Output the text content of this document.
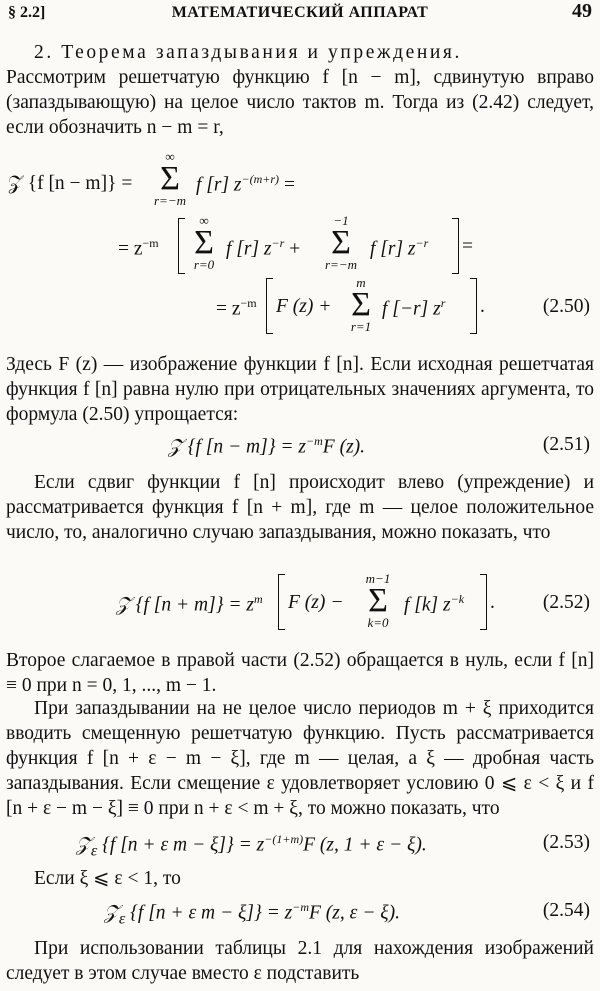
§ 2.2]	МАТЕМАТИЧЕСКИЙ АППАРАТ	49
2. Теорема запаздывания и упреждения.
Рассмотрим решетчатую функцию f [n − m], сдвинутую вправо (запаздывающую) на целое число тактов m. Тогда из (2.42) следует, если обозначить n − m = r,
𝒵 {f [n − m]} =
∞
Σ
r=−m
f [r] $z^{-(m+r)}$ =
= $z^{-m}$
∞
Σ
r=0
f [r] $z^{-r}$ +
−1
Σ
r=−m
f [r] $z^{-r}$ =
= $z^{-m}$ F (z) +
m
Σ
r=1
f [−r] $z^r$ .	(2.50)
Здесь F (z) — изображение функции f [n]. Если исходная решетчатая функция f [n] равна нулю при отрицательных значениях аргумента, то формула (2.50) упрощается:
𝒵 {f $[n - m]\} = z^{-m}F$ (z).	(2.51)
Если сдвиг функции f [n] происходит влево (упреждение) и рассматривается функция f [n + m], где m — целое положительное число, то, аналогично случаю запаздывания, можно показать, что
𝒵 {f $[n + m]\} = z^m$ F (z) −
m−1
Σ
k=0
f [k] $z^{-k}$ . (2.52)
Второе слагаемое в правой части (2.52) обращается в нуль, если f [n] ≡ 0 при n = 0, 1, ..., m − 1.
При запаздывании на не целое число периодов m + ξ приходится вводить смещенную решетчатую функцию. Пусть рассматривается функция f [n + ε − m − ξ], где m — целая, а ξ — дробная часть запаздывания. Если смещение ε удовлетворяет условию 0 ⩽ ε < ξ и f [n + ε − m − ξ] ≡ 0 при n + ε < m + ξ, то можно показать, что
𝒵$_\varepsilon$ {f [n + ε $m - \xi]\} = z^{-(1+m)}F$ (z, 1 + ε − ξ).	(2.53)
Если ξ ⩽ ε < 1, то
𝒵$_\varepsilon$ {f [n + ε $m - \xi]\} = z^{-m}F$ (z, ε − ξ).	(2.54)
При использовании таблицы 2.1 для нахождения изображений следует в этом случае вместо ε подставить
